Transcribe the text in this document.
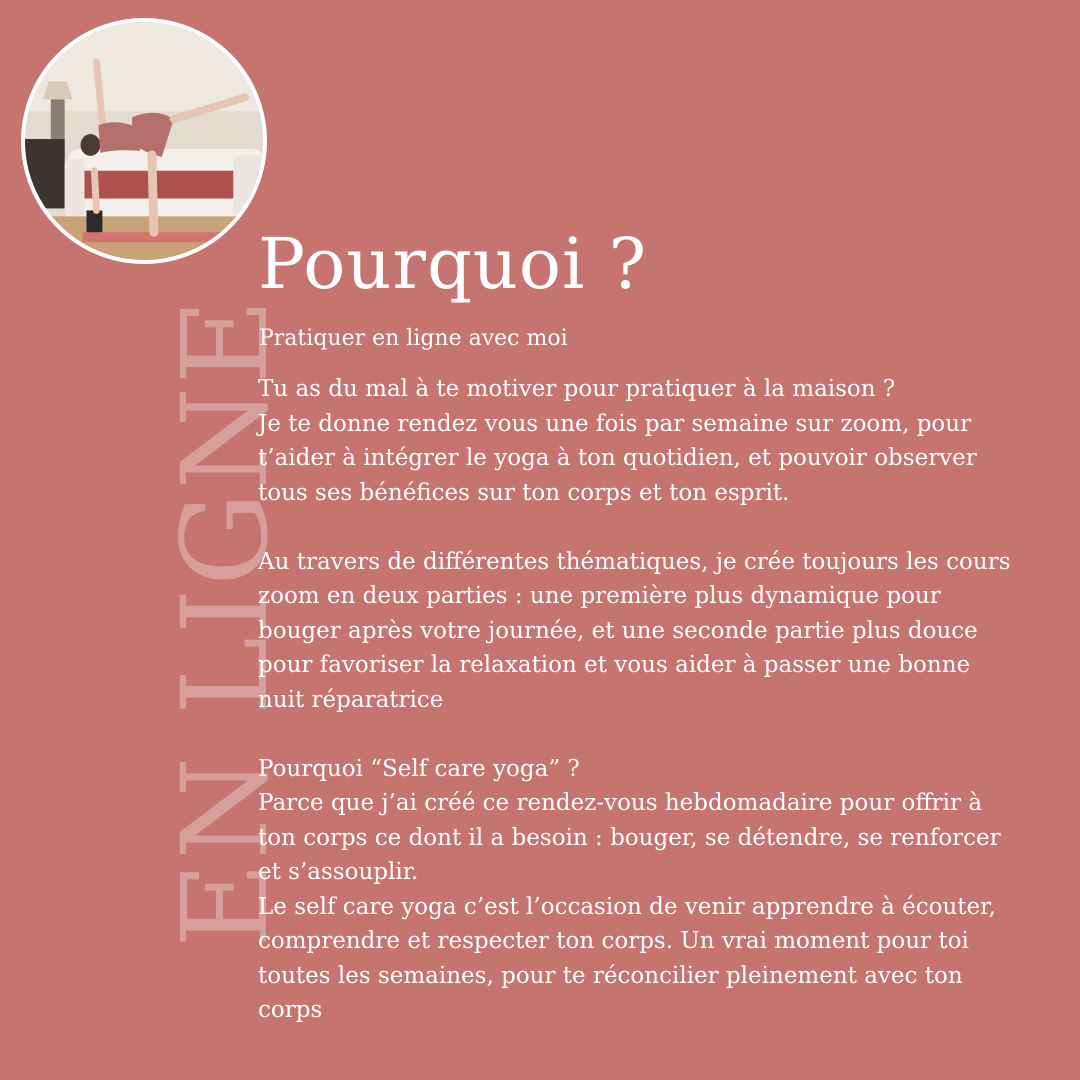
EN LIGNE
Pourquoi ?
Pratiquer en ligne avec moi

Tu as du mal à te motiver pour pratiquer à la maison ?

Je te donne rendez vous une fois par semaine sur zoom, pour

t’aider à intégrer le yoga à ton quotidien, et pouvoir observer

tous ses bénéfices sur ton corps et ton esprit.

Au travers de différentes thématiques, je crée toujours les cours

zoom en deux parties : une première plus dynamique pour

bouger après votre journée, et une seconde partie plus douce

pour favoriser la relaxation et vous aider à passer une bonne

nuit réparatrice

Pourquoi “Self care yoga” ?

Parce que j’ai créé ce rendez-vous hebdomadaire pour offrir à

ton corps ce dont il a besoin : bouger, se détendre, se renforcer

et s’assouplir.

Le self care yoga c’est l’occasion de venir apprendre à écouter,

comprendre et respecter ton corps. Un vrai moment pour toi

toutes les semaines, pour te réconcilier pleinement avec ton

corps
